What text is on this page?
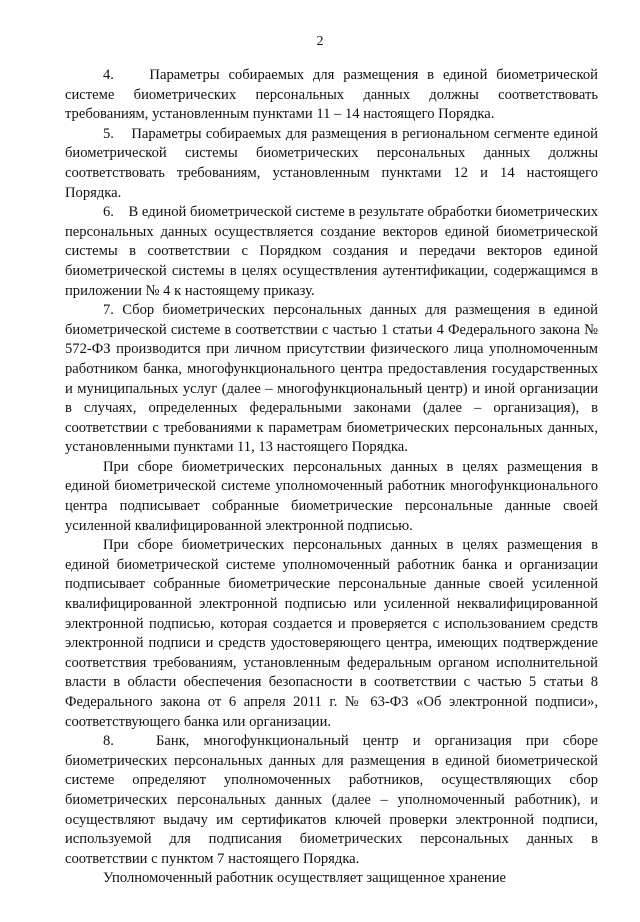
2

4.    Параметры собираемых для размещения в единой биометрической системе биометрических персональных данных должны соответствовать требованиям, установленным пунктами 11 – 14 настоящего Порядка.

5.    Параметры собираемых для размещения в региональном сегменте единой биометрической системы биометрических персональных данных должны соответствовать требованиям, установленным пунктами 12 и 14 настоящего Порядка.

6.    В единой биометрической системе в результате обработки биометрических персональных данных осуществляется создание векторов единой биометрической системы в соответствии с Порядком создания и передачи векторов единой биометрической системы в целях осуществления аутентификации, содержащимся в приложении № 4 к настоящему приказу.

7. Сбор биометрических персональных данных для размещения в единой биометрической системе в соответствии с частью 1 статьи 4 Федерального закона № 572-ФЗ производится при личном присутствии физического лица уполномоченным работником банка, многофункционального центра предоставления государственных и муниципальных услуг (далее – многофункциональный центр) и иной организации в случаях, определенных федеральными законами (далее – организация), в соответствии с требованиями к параметрам биометрических персональных данных, установленными пунктами 11, 13 настоящего Порядка.

При сборе биометрических персональных данных в целях размещения в единой биометрической системе уполномоченный работник многофункционального центра подписывает собранные биометрические персональные данные своей усиленной квалифицированной электронной подписью.

При сборе биометрических персональных данных в целях размещения в единой биометрической системе уполномоченный работник банка и организации подписывает собранные биометрические персональные данные своей усиленной квалифицированной электронной подписью или усиленной неквалифицированной электронной подписью, которая создается и проверяется с использованием средств электронной подписи и средств удостоверяющего центра, имеющих подтверждение соответствия требованиям, установленным федеральным органом исполнительной власти в области обеспечения безопасности в соответствии с частью 5 статьи 8 Федерального закона от 6 апреля 2011 г. № 63-ФЗ «Об электронной подписи», соответствующего банка или организации.

8.   Банк, многофункциональный центр и организация при сборе биометрических персональных данных для размещения в единой биометрической системе определяют уполномоченных работников, осуществляющих сбор биометрических персональных данных (далее – уполномоченный работник), и осуществляют выдачу им сертификатов ключей проверки электронной подписи, используемой для подписания биометрических персональных данных в соответствии с пунктом 7 настоящего Порядка.

Уполномоченный работник осуществляет защищенное хранение
